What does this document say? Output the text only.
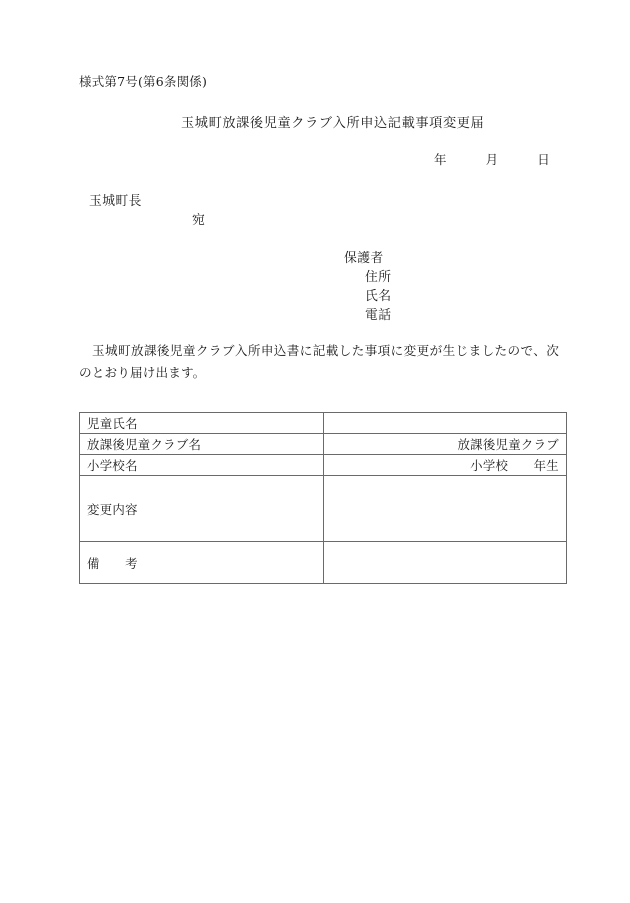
様式第7号(第6条関係)
玉城町放課後児童クラブ入所申込記載事項変更届
年　　　月　　　日
玉城町長
宛
保護者
住所
氏名
電話
玉城町放課後児童クラブ入所申込書に記載した事項に変更が生じましたので、次のとおり届け出ます。
児童氏名	
放課後児童クラブ名	放課後児童クラブ
小学校名	小学校　　年生
変更内容	
備　　考	
